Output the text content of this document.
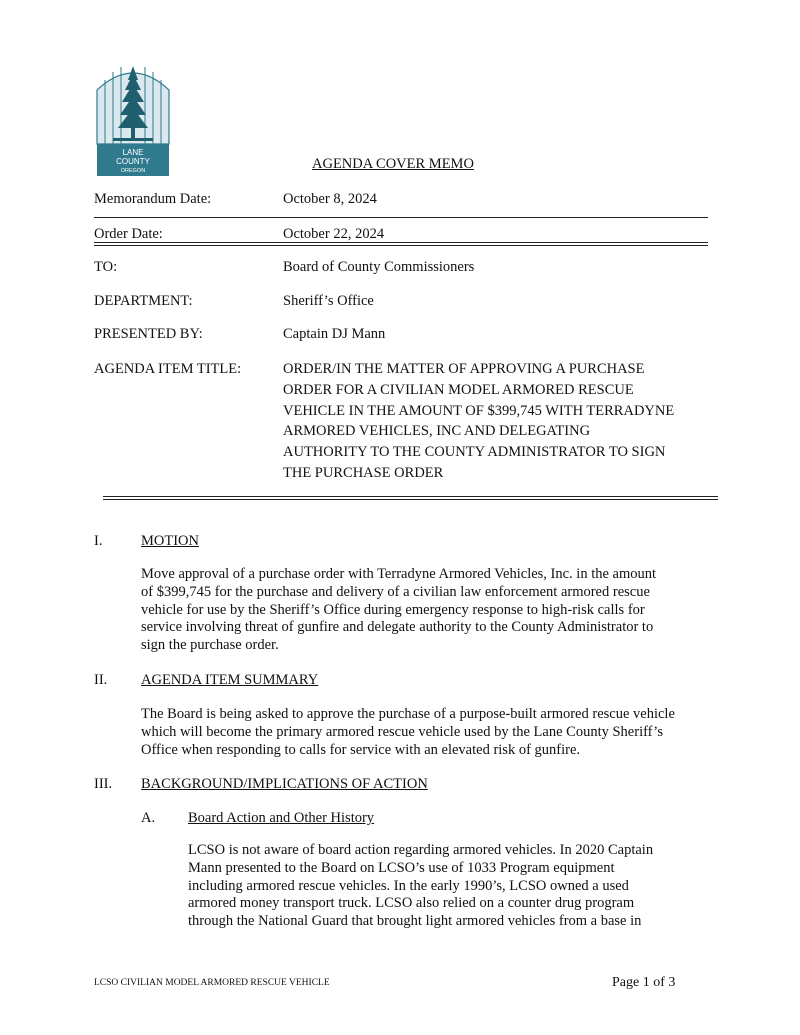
LANE
COUNTY
OREGON	AGENDA COVER MEMO
Memorandum Date:	October 8, 2024
Order Date:	October 22, 2024
TO:	Board of County Commissioners
DEPARTMENT:	Sheriff’s Office
PRESENTED BY:	Captain DJ Mann
AGENDA ITEM TITLE:	ORDER/IN THE MATTER OF APPROVING A PURCHASE
ORDER FOR A CIVILIAN MODEL ARMORED RESCUE
VEHICLE IN THE AMOUNT OF $399,745 WITH TERRADYNE
ARMORED VEHICLES, INC AND DELEGATING
AUTHORITY TO THE COUNTY ADMINISTRATOR TO SIGN
THE PURCHASE ORDER
I.	MOTION
Move approval of a purchase order with Terradyne Armored Vehicles, Inc. in the amount
of $399,745 for the purchase and delivery of a civilian law enforcement armored rescue
vehicle for use by the Sheriff’s Office during emergency response to high-risk calls for
service involving threat of gunfire and delegate authority to the County Administrator to
sign the purchase order.
II. AGENDA ITEM SUMMARY
The Board is being asked to approve the purchase of a purpose-built armored rescue vehicle
which will become the primary armored rescue vehicle used by the Lane County Sheriff’s
Office when responding to calls for service with an elevated risk of gunfire.
III. BACKGROUND/IMPLICATIONS OF ACTION
A. Board Action and Other History
LCSO is not aware of board action regarding armored vehicles. In 2020 Captain
Mann presented to the Board on LCSO’s use of 1033 Program equipment
including armored rescue vehicles. In the early 1990’s, LCSO owned a used
armored money transport truck. LCSO also relied on a counter drug program
through the National Guard that brought light armored vehicles from a base in
LCSO CIVILIAN MODEL ARMORED RESCUE VEHICLE	Page 1 of 3
